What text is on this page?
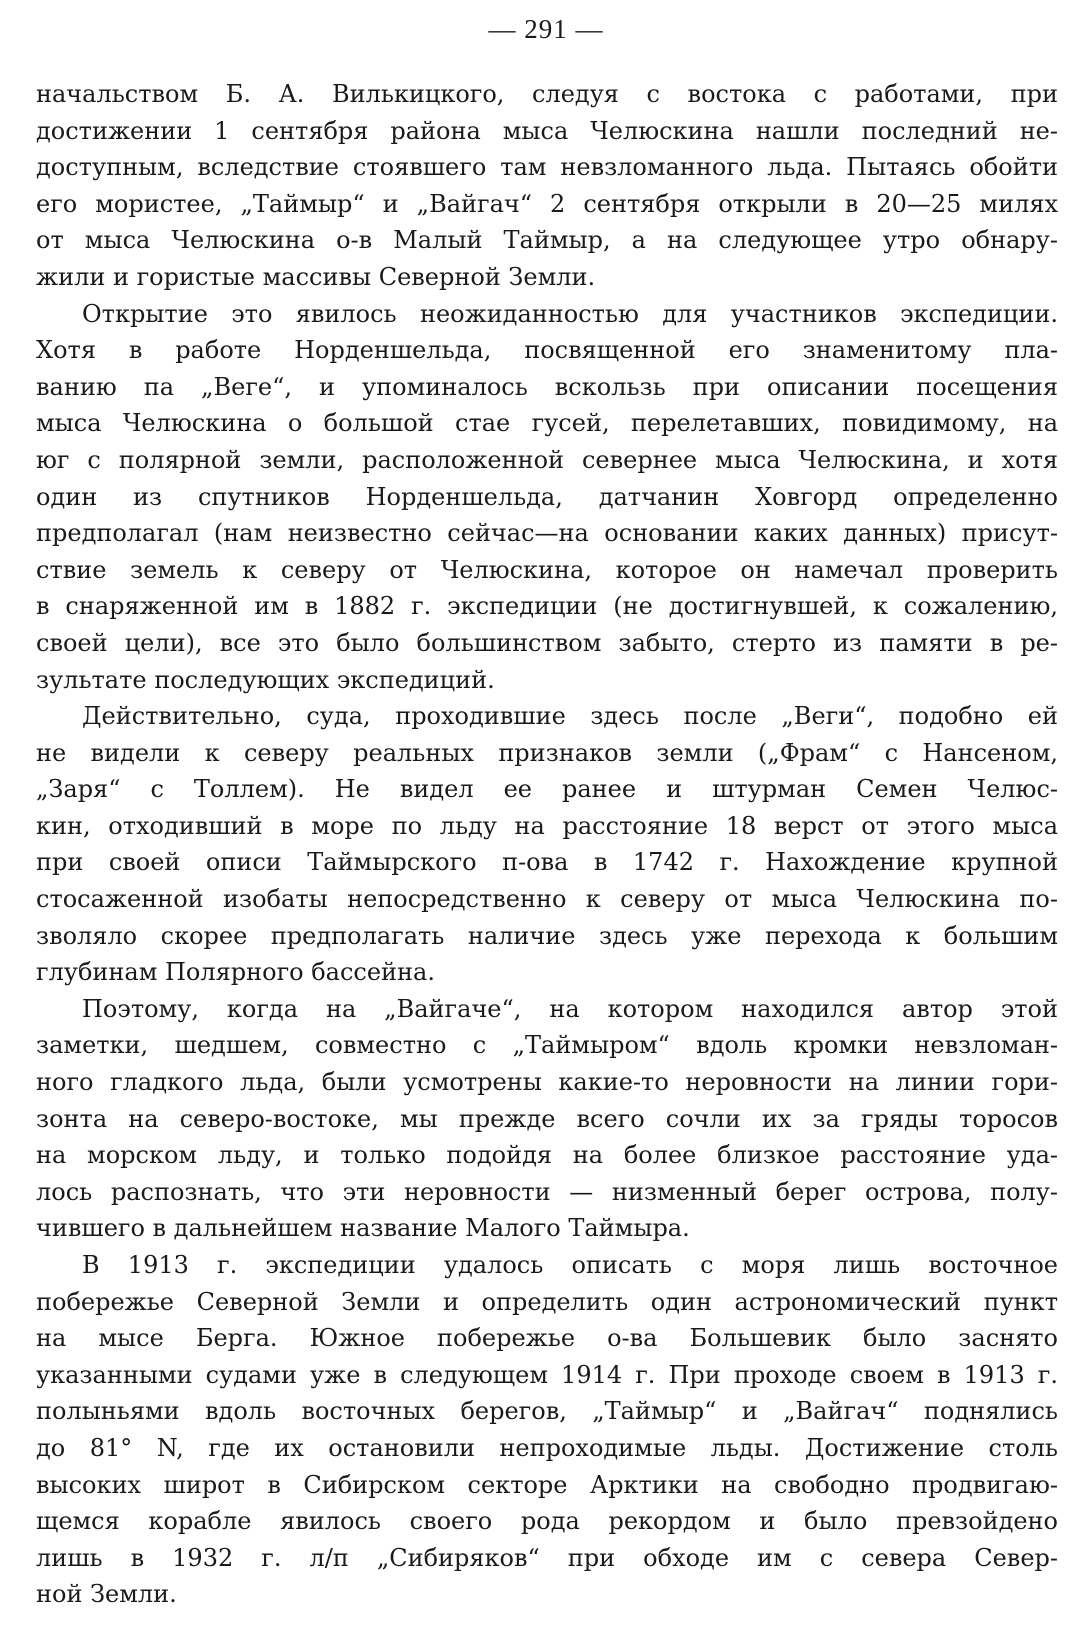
— 291 —
начальством Б. А. Вилькицкого, следуя с востока с работами, при
достижении 1 сентября района мыса Челюскина нашли последний не-
доступным, вследствие стоявшего там невзломанного льда. Пытаясь обойти
его мористее, „Таймыр“ и „Вайгач“ 2 сентября открыли в 20—25 милях
от мыса Челюскина о-в Малый Таймыр, а на следующее утро обнару-
жили и гористые массивы Северной Земли.
Открытие это явилось неожиданностью для участников экспедиции.
Хотя в работе Норденшельда, посвященной его знаменитому пла-
ванию па „Веге“, и упоминалось вскользь при описании посещения
мыса Челюскина о большой стае гусей, перелетавших, повидимому, на
юг с полярной земли, расположенной севернее мыса Челюскина, и хотя
один из спутников Норденшельда, датчанин Ховгорд определенно
предполагал (нам неизвестно сейчас—на основании каких данных) присут-
ствие земель к северу от Челюскина, которое он намечал проверить
в снаряженной им в 1882 г. экспедиции (не достигнувшей, к сожалению,
своей цели), все это было большинством забыто, стерто из памяти в ре-
зультате последующих экспедиций.
Действительно, суда, проходившие здесь после „Веги“, подобно ей
не видели к северу реальных признаков земли („Фрам“ с Нансеном,
„Заря“ с Толлем). Не видел ее ранее и штурман Семен Челюс-
кин, отходивший в море по льду на расстояние 18 верст от этого мыса
при своей описи Таймырского п-ова в 1742 г. Нахождение крупной
стосаженной изобаты непосредственно к северу от мыса Челюскина по-
зволяло скорее предполагать наличие здесь уже перехода к большим
глубинам Полярного бассейна.
Поэтому, когда на „Вайгаче“, на котором находился автор этой
заметки, шедшем, совместно с „Таймыром“ вдоль кромки невзломан-
ного гладкого льда, были усмотрены какие-то неровности на линии гори-
зонта на северо-востоке, мы прежде всего сочли их за гряды торосов
на морском льду, и только подойдя на более близкое расстояние уда-
лось распознать, что эти неровности — низменный берег острова, полу-
чившего в дальнейшем название Малого Таймыра.
В 1913 г. экспедиции удалось описать с моря лишь восточное
побережье Северной Земли и определить один астрономический пункт
на мысе Берга. Южное побережье о-ва Большевик было заснято
указанными судами уже в следующем 1914 г. При проходе своем в 1913 г.
полыньями вдоль восточных берегов, „Таймыр“ и „Вайгач“ поднялись
до 81° N, где их остановили непроходимые льды. Достижение столь
высоких широт в Сибирском секторе Арктики на свободно продвигаю-
щемся корабле явилось своего рода рекордом и было превзойдено
лишь в 1932 г. л/п „Сибиряков“ при обходе им с севера Север-
ной Земли.
